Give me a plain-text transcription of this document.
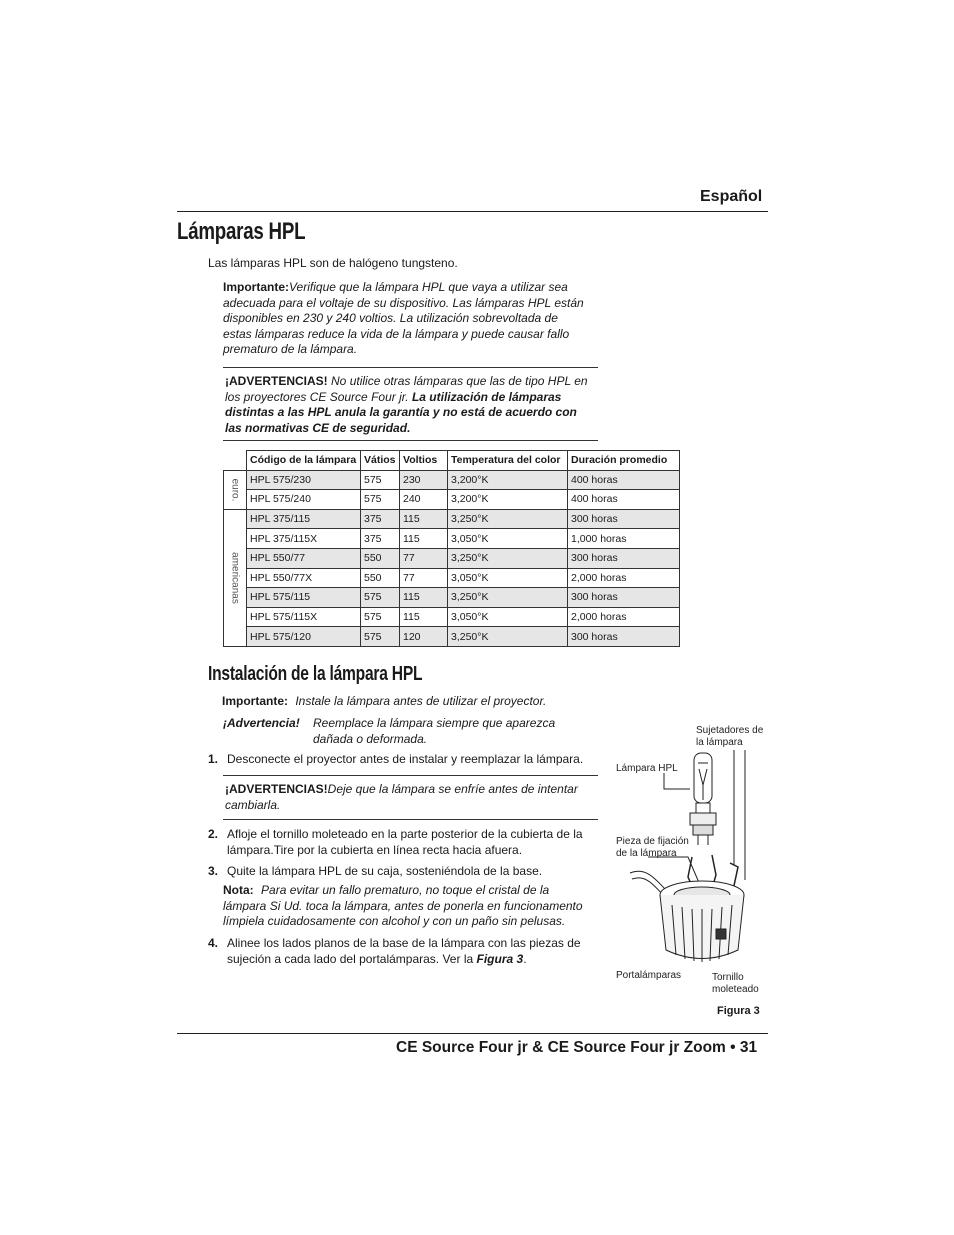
Español
Lámparas HPL
Las lámparas HPL son de halógeno tungsteno.
Importante:Verifique que la lámpara HPL que vaya a utilizar sea
adecuada para el voltaje de su dispositivo. Las lámparas HPL están
disponibles en 230 y 240 voltios. La utilización sobrevoltada de
estas lámparas reduce la vida de la lámpara y puede causar fallo
prematuro de la lámpara.
¡ADVERTENCIAS! No utilice otras lámparas que las de tipo HPL en
los proyectores CE Source Four jr. La utilización de lámparas
distintas a las HPL anula la garantía y no está de acuerdo con
las normativas CE de seguridad.
	Código de la lámpara	Vátios	Voltios	Temperatura del color	Duración promedio

euro.	HPL 575/230	575	230	3,200°K	400 horas
	HPL 575/240	575	240	3,200°K	400 horas

americanas	HPL 375/115	375	115	3,250°K	300 horas
	HPL 375/115X	375	115	3,050°K	1,000 horas
	HPL 550/77	550	77	3,250°K	300 horas
	HPL 550/77X	550	77	3,050°K	2,000 horas
	HPL 575/115	575	115	3,250°K	300 horas
	HPL 575/115X	575	115	3,050°K	2,000 horas
	HPL 575/120	575	120	3,250°K	300 horas
Instalación de la lámpara HPL
Importante: Instale la lámpara antes de utilizar el proyector.
¡Advertencia! Reemplace la lámpara siempre que aparezca
dañada o deformada.
1. Desconecte el proyector antes de instalar y reemplazar la lámpara.
¡ADVERTENCIAS!Deje que la lámpara se enfríe antes de intentar
cambiarla.
2. Afloje el tornillo moleteado en la parte posterior de la cubierta de la
lámpara.Tire por la cubierta en línea recta hacia afuera.
3. Quite la lámpara HPL de su caja, sosteniéndola de la base.
Nota: Para evitar un fallo prematuro, no toque el cristal de la
lámpara Si Ud. toca la lámpara, antes de ponerla en funcionamento
límpiela cuidadosamente con alcohol y con un paño sin pelusas.
4. Alinee los lados planos de la base de la lámpara con las piezas de
sujeción a cada lado del portalámparas. Ver la Figura 3.
Sujetadores de
la lámpara
Lámpara HPL
Pieza de fijación
de la lámpara
Portalámparas	Tornillo
moleteado
Figura 3
CE Source Four jr & CE Source Four jr Zoom • 31
